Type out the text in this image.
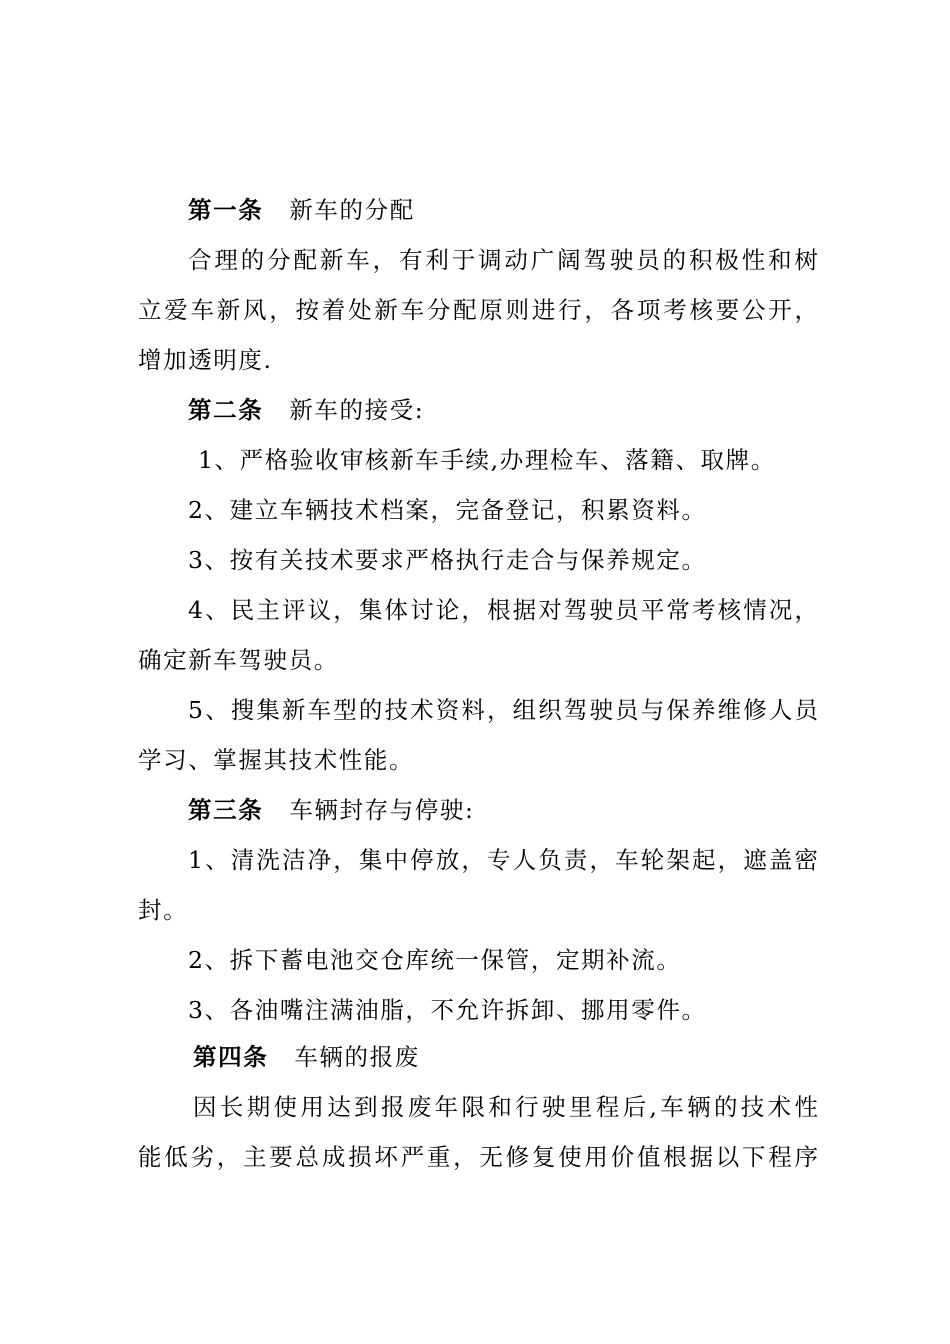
第一条 新车的分配
合理的分配新车，有利于调动广阔驾驶员的积极性和树
立爱车新风，按着处新车分配原则进行，各项考核要公开，
增加透明度.
第二条 新车的接受:
1、严格验收审核新车手续,办理检车、落籍、取牌。
2、建立车辆技术档案，完备登记，积累资料。
3、按有关技术要求严格执行走合与保养规定。
4、民主评议，集体讨论，根据对驾驶员平常考核情况，
确定新车驾驶员。
5、搜集新车型的技术资料，组织驾驶员与保养维修人员
学习、掌握其技术性能。
第三条 车辆封存与停驶:
1、清洗洁净，集中停放，专人负责，车轮架起，遮盖密
封。
2、拆下蓄电池交仓库统一保管，定期补流。
3、各油嘴注满油脂，不允许拆卸、挪用零件。
第四条 车辆的报废
因长期使用达到报废年限和行驶里程后,车辆的技术性
能低劣，主要总成损坏严重，无修复使用价值根据以下程序
